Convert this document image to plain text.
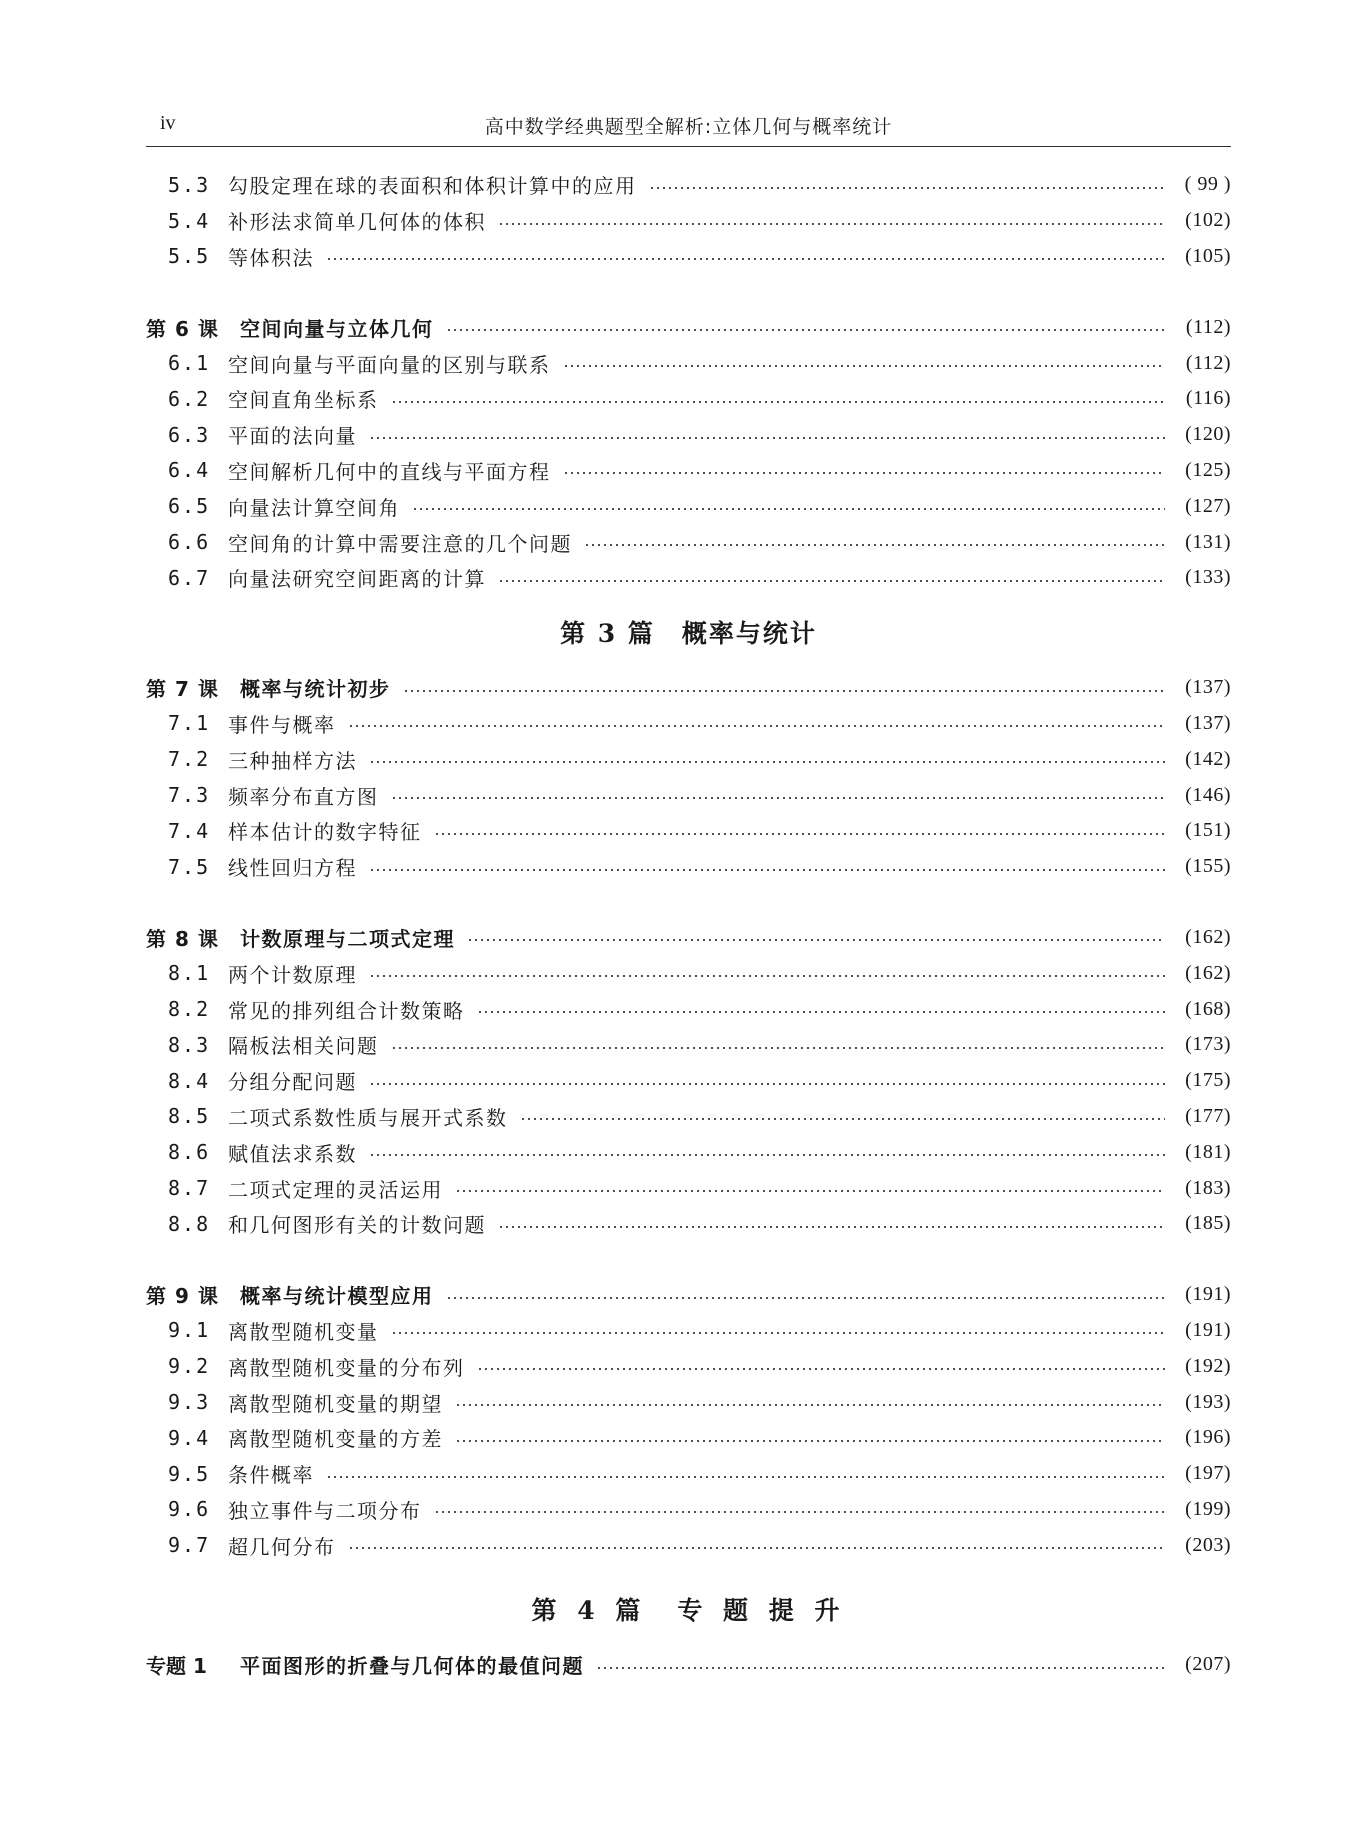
iv	高中数学经典题型全解析:立体几何与概率统计
5.3 勾股定理在球的表面积和体积计算中的应用	( 99 )
5.4 补形法求简单几何体的体积	(102)
5.5 等体积法	(105)
第 6 课	空间向量与立体几何	(112)
6.1 空间向量与平面向量的区别与联系	(112)
6.2 空间直角坐标系	(116)
6.3 平面的法向量	(120)
6.4 空间解析几何中的直线与平面方程	(125)
6.5 向量法计算空间角	(127)
6.6 空间角的计算中需要注意的几个问题	(131)
6.7 向量法研究空间距离的计算	(133)
第 3 篇　概率与统计
第 7 课	概率与统计初步	(137)
7.1 事件与概率	(137)
7.2 三种抽样方法	(142)
7.3 频率分布直方图	(146)
7.4 样本估计的数字特征	(151)
7.5 线性回归方程	(155)
第 8 课	计数原理与二项式定理	(162)
8.1 两个计数原理	(162)
8.2 常见的排列组合计数策略	(168)
8.3 隔板法相关问题	(173)
8.4 分组分配问题	(175)
8.5 二项式系数性质与展开式系数	(177)
8.6 赋值法求系数	(181)
8.7 二项式定理的灵活运用	(183)
8.8 和几何图形有关的计数问题	(185)
第 9 课	概率与统计模型应用	(191)
9.1 离散型随机变量	(191)
9.2 离散型随机变量的分布列	(192)
9.3 离散型随机变量的期望	(193)
9.4 离散型随机变量的方差	(196)
9.5 条件概率	(197)
9.6 独立事件与二项分布	(199)
9.7 超几何分布	(203)
第 4 篇　专 题 提 升
专题 1	平面图形的折叠与几何体的最值问题	(207)
